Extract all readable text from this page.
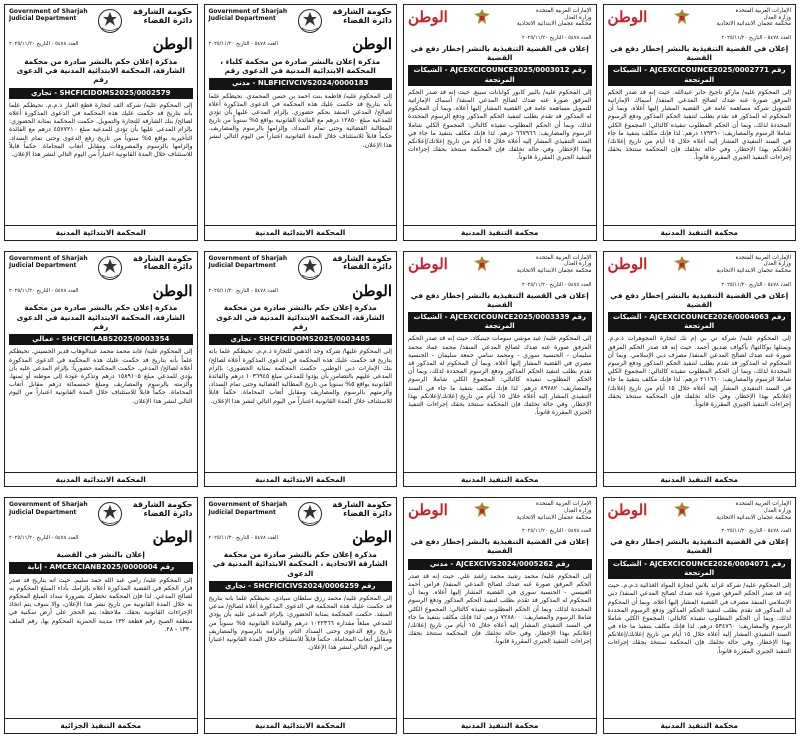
Government of Sharjah
Judicial Department
حكومة الشارقة
دائرة القضاء
الوطن
العدد ٥٤٧٨ - التاريخ ٢٠٢٥/١١/٢٠
مذكرة إعلان حكم بالنشر صادرة من محكمة الشارقة، المحكمة الابتدائية المدنية في الدعوى رقم
SHCFICIDOMS2025/0002579 - تجاري
إلى المحكوم عليه/ شركة ألف لتجارة قطع الغيار ذ.م.م. نحيطكم علماً بأنه بتاريخ قد حكمت عليك هذه المحكمة في الدعوى المذكورة أعلاه لصالح/ بنك الشارقة للتجارة والتمويل. حكمت المحكمة بمثابة الحضوري: بإلزام المدعى عليها بأن تؤدي للمدعية مبلغ ٤٥٧٧٢١٠ درهم مع الفائدة التأخيرية بواقع ٥% سنوياً من تاريخ رفع الدعوى وحتى تمام السداد، وإلزامها بالرسوم والمصروفات ومقابل أتعاب المحاماة. حكماً قابلاً للاستئناف خلال المدة القانونية اعتباراً من اليوم التالي لنشر هذا الإعلان.
المحكمة الابتدائية المدنية
Government of Sharjah
Judicial Department
حكومة الشارقة
دائرة القضاء
الوطن
العدد ٥٤٧٨ - التاريخ ٢٠٢٥/١١/٢٠
مذكرة إعلان بالنشر صادرة من محكمة كلباء ، المحكمة الابتدائية المدنية في الدعوى رقم
NLBFICIVCIVS2024/0000183 - مدني
إلى المحكوم عليه/ قاطمة بنت أحمد بن حسن المحمدي. نحيطكم علماً بأنه بتاريخ قد حكمت عليك هذه المحكمة في الدعوى المذكورة أعلاه لصالح/ المدعي المنفذ بحكم حضوري. بإلزام المدعى عليها بأن تؤدي للمدعية مبلغ ١٢٨٥٠ درهم مع الفائدة القانونية بواقع ٥% سنوياً من تاريخ المطالبة القضائية وحتى تمام السداد، وإلزامها بالرسوم والمصاريف. حكماً قابلاً للاستئناف خلال المدة القانونية اعتباراً من اليوم التالي لنشر هذا الإعلان.
المحكمة الابتدائية المدنية
الإمارات العربية المتحدة
وزارة العدل
محكمة عجمان الابتدائية الاتحادية
الوطن
العدد ٥٤٧٨ - التاريخ ٢٠٢٥/١١/٢٠
إعلان في القضية التنفيذية بالنشر إخطار دفع في القضية
رقم AJCEXCICOUNCE2025/0003012 - الشيكات المرتجعة
إلى المحكوم عليه/ بالبير كابور كوابانات سينغ. حيث إنه قد صدر الحكم المرفق صورة عنه ضدك لصالح المدعي المنفذ/ أسماك الإماراتية للتمويل مساهمة عامة في القضية المشار إليها أعلاه. وبما أن المحكوم له المذكور قد تقدم بطلب لتنفيذ الحكم المذكور ودفع الرسوم المحددة لذلك، وبما أن الحكم المطلوب تنفيذه كالتالي: المجموع الكلي شاملا الرسوم والمصاريف: ٦٦٧٩٦٦ درهم. لذا فإنك مكلف بتنفيذ ما جاء في السند التنفيذي المشار إليه أعلاه خلال ١٥ أيام من تاريخ إعلانك/إعلانكم بهذا الإخطار. وفي حالة تخلفك فإن المحكمة ستتخذ بحقك إجراءات التنفيذ الجبري المقررة قانوناً.
محكمة التنفيذ المدنية
الإمارات العربية المتحدة
وزارة العدل
محكمة عجمان الابتدائية الاتحادية
الوطن
العدد ٥٤٧٨ - التاريخ ٢٠٢٥/١١/٢٠
إعلان في القضية التنفيذية بالنشر إخطار دفع في القضية
رقم AJCEXCICOUNCE2025/0002771 - الشيكات المرتجعة
إلى المحكوم عليه/ ماركو تاجيخ جابر عبدالله. حيث إنه قد صدر الحكم المرفق صورة عنه ضدك لصالح المدعي المنفذ/ أسماك الإماراتية للتمويل شركة مساهمة عامة في القضية المشار إليها أعلاه. وبما أن المحكوم له المذكور قد تقدم بطلب لتنفيذ الحكم المذكور ودفع الرسوم المحددة لذلك، وبما أن الحكم المطلوب تنفيذه كالتالي: المجموع الكلي شاملا الرسوم والمصاريف: ١٧٩٣٦٠ درهم. لذا فإنك مكلف بتنفيذ ما جاء في السند التنفيذي المشار إليه أعلاه خلال ١٥ أيام من تاريخ إعلانك/إعلانكم بهذا الإخطار. وفي حالة تخلفك فإن المحكمة ستتخذ بحقك إجراءات التنفيذ الجبري المقررة قانوناً.
محكمة التنفيذ المدنية
Government of Sharjah
Judicial Department
حكومة الشارقة
دائرة القضاء
الوطن
العدد ٥٤٧٨ - التاريخ ٢٠٢٥/١١/٢٠
مذكرة إعلان حكم بالنشر صادرة من محكمة الشارقة، المحكمة الابتدائية المدنية في الدعوى رقم
SHCFICILABS2025/0003354 - عمالي
إلى المحكوم عليه/ عابد محمد محمد عبدالوهاب قدير الحسيني. نحيطكم علماً بأنه بتاريخ قد حكمت عليك هذه المحكمة في الدعوى المذكورة أعلاه لصالح/ المدعي. حكمت المحكمة حضورياً: بإلزام المدعى عليه بأن يؤدي للمدعي مبلغ ١٥٨٩١٠٥ درهم وتذكرة عودة إلى موطنه أو ثمنها، وألزمته بالرسوم والمصاريف ومبلغ خمسمائة درهم مقابل أتعاب المحاماة. حكماً قابلاً للاستئناف خلال المدة القانونية اعتباراً من اليوم التالي لنشر هذا الإعلان.
المحكمة الابتدائية المدنية
Government of Sharjah
Judicial Department
حكومة الشارقة
دائرة القضاء
الوطن
العدد ٥٤٧٨ - التاريخ ٢٠٢٥/١١/٢٠
مذكرة إعلان حكم بالنشر صادرة من محكمة الشارقة، المحكمة الابتدائية المدنية في الدعوى رقم
SHCFICIDOMS2025/0003485 - تجاري
إلى المحكوم عليها/ شركة وجد الذهبي للتجارة ذ.م.م. نحيطكم علماً بأنه بتاريخ قد حكمت عليك هذه المحكمة في الدعوى المذكورة أعلاه لصالح/ بنك الإمارات دبي الوطني. حكمت المحكمة بمثابة الحضوري: بإلزام المدعى عليهم بالتضامن بأن يؤدوا للمدعي مبلغ ١٠٣٦٩٤٥ درهم والفائدة القانونية بواقع ٥% سنوياً من تاريخ المطالبة القضائية وحتى تمام السداد، وألزمتهم بالرسوم والمصاريف ومقابل أتعاب المحاماة. حكماً قابلاً للاستئناف خلال المدة القانونية اعتباراً من اليوم التالي لنشر هذا الإعلان.
المحكمة الابتدائية المدنية
الإمارات العربية المتحدة
وزارة العدل
محكمة عجمان الابتدائية الاتحادية
الوطن
العدد ٥٤٧٨ - التاريخ ٢٠٢٥/١١/٢٠
إعلان في القضية التنفيذية بالنشر إخطار دفع في القضية
رقم AJCEXCICOUNCE2025/0003339 - الشيكات المرتجعة
إلى المحكوم عليه/ عيد موشي سومات جينيكاد. حيث إنه قد صدر الحكم المرفق صورة عنه ضدك لصالح المدعي المنفذ/ محمد عماد محمد سليمان - الجنسية سوري - ومحمد سامي جمعة سليمان - الجنسية مصري في القضية المشار إليها أعلاه. وبما أن المحكوم له المذكور قد تقدم بطلب لتنفيذ الحكم المذكور ودفع الرسوم المحددة لذلك، وبما أن الحكم المطلوب تنفيذه كالتالي: المجموع الكلي شاملا الرسوم والمصاريف: ٨٩٧٨٢ درهم. لذا فإنك مكلف بتنفيذ ما جاء في السند التنفيذي المشار إليه أعلاه خلال ١٥ أيام من تاريخ إعلانك/إعلانكم بهذا الإخطار. وفي حالة تخلفك فإن المحكمة ستتخذ بحقك إجراءات التنفيذ الجبري المقررة قانوناً.
محكمة التنفيذ المدنية
الإمارات العربية المتحدة
وزارة العدل
محكمة عجمان الابتدائية الاتحادية
الوطن
العدد ٥٤٧٨ - التاريخ ٢٠٢٥/١١/٢٠
إعلان في القضية التنفيذية بالنشر إخطار دفع في القضية
رقم AJCEXCICOUNCE2026/0004063 - الشيكات المرتجعة
إلى المحكوم عليه/ شركة تي بي إم تك لتجارة المجوهرات ذ.م.م. ويمثلها بوكالتها/ بأكواف صديق أحمد. حيث إنه قد صدر الحكم المرفق صورة عنه ضدك لصالح المدعي المنفذ/ مصرف دبي الإسلامي. وبما أن المحكوم له المذكور قد تقدم بطلب لتنفيذ الحكم المذكور ودفع الرسوم المحددة لذلك، وبما أن الحكم المطلوب تنفيذه كالتالي: المجموع الكلي شاملا الرسوم والمصاريف: ٢١١٦١٠ درهم. لذا فإنك مكلف بتنفيذ ما جاء في السند التنفيذي المشار إليه أعلاه خلال ١٥ أيام من تاريخ إعلانك/إعلانكم بهذا الإخطار. وفي حالة تخلفك فإن المحكمة ستتخذ بحقك إجراءات التنفيذ الجبري المقررة قانوناً.
محكمة التنفيذ المدنية
Government of Sharjah
Judicial Department
حكومة الشارقة
دائرة القضاء
الوطن
العدد ٥٤٧٨ - التاريخ ٢٠٢٥/١١/٢٠
إعلان بالنشر في القضية
رقم AMCEXCIANB2025/0000004 - إنابة
إلى المحكوم عليه/ رامي عبد الله حمد سليم. حيث أنه بتاريخ قد صدر قرار الحكم في القضية المذكورة أعلاه بإلزامك بأداء المبلغ المحكوم به لصالح المدعي. لذا فإن المحكمة تخطرك بضرورة سداد المبلغ المحكوم به خلال المدة القانونية من تاريخ نشر هذا الإعلان، وإلا سوف يتم اتخاذ الإجراءات القانونية بحقك. ملاحظة: يتم الحجز على أرض سكنية في منطقة الصبح رقم قطعة ١٣٢ مدينة الحمرية المحكوم بها، رقم الملف ١٣٣٠ - ٢٨.
محكمة التنفيذ الجزائية
Government of Sharjah
Judicial Department
حكومة الشارقة
دائرة القضاء
الوطن
العدد ٥٤٧٨ - التاريخ ٢٠٢٥/١١/٢٠
مذكرة إعلان حكم بالنشر صادرة من محكمة الشارقة الاتحادية ، المحكمة الابتدائية المدنية في الدعوى
رقم SHCFICICIVS2024/0006259 - تجاري
إلى المحكوم عليه/ محمد رزق سلطان سيادي. نحيطكم علماً بأنه بتاريخ قد حكمت عليك هذه المحكمة في الدعوى المذكورة أعلاه لصالح/ مدعي المنفذ. حكمت المحكمة بمثابة الحضوري: بإلزام المدعى عليه بأن يؤدي للمدعي مبلغاً مقداره ١٠٢٢٣٦٦ درهم والفائدة القانونية ٥% سنوياً من تاريخ رفع الدعوى وحتى السداد التام، وإلزامه بالرسوم والمصاريف ومقابل أتعاب المحاماة. حكماً قابلاً للاستئناف خلال المدة القانونية اعتباراً من اليوم التالي لنشر هذا الإعلان.
المحكمة الابتدائية المدنية
الإمارات العربية المتحدة
وزارة العدل
محكمة عجمان الابتدائية الاتحادية
الوطن
العدد ٥٤٧٨ - التاريخ ٢٠٢٥/١١/٢٠
إعلان في القضية التنفيذية بالنشر إخطار دفع في القضية
رقم AJCEXCIVS2024/0005262 - مدني
إلى المحكوم عليه/ محمد رشيد محمد راشد علي. حيث إنه قد صدر الحكم المرفق صورة عنه ضدك لصالح المدعي المنفذ/ فراس أحمد العبيسي - الجنسية سوري في القضية المشار إليها أعلاه. وبما أن المحكوم له المذكور قد تقدم بطلب لتنفيذ الحكم المذكور ودفع الرسوم المحددة لذلك، وبما أن الحكم المطلوب تنفيذه كالتالي: المجموع الكلي شاملا الرسوم والمصاريف: ٧٢٨٨٠٠ درهم. لذا فإنك مكلف بتنفيذ ما جاء في السند التنفيذي المشار إليه أعلاه خلال ١٥ أيام من تاريخ إعلانك/إعلانكم بهذا الإخطار. وفي حالة تخلفك فإن المحكمة ستتخذ بحقك إجراءات التنفيذ الجبري المقررة قانوناً.
محكمة التنفيذ المدنية
الإمارات العربية المتحدة
وزارة العدل
محكمة عجمان الابتدائية الاتحادية
الوطن
العدد ٥٤٧٨ - التاريخ ٢٠٢٥/١١/٢٠
إعلان في القضية التنفيذية بالنشر إخطار دفع في القضية
رقم AJCEXCICOUNCE2026/0004071 - الشيكات المرتجعة
إلى المحكوم عليه/ شركة غراند بلاس لتجارة المواد الغذائية ذ.م.م. حيث إنه قد صدر الحكم المرفق صورة عنه ضدك لصالح المدعي المنفذ/ دبي الإسلامي المنفذ مصرف في القضية المشار إليها أعلاه. وبما أن المحكوم له المذكور قد تقدم بطلب لتنفيذ الحكم المذكور ودفع الرسوم المحددة لذلك، وبما أن الحكم المطلوب تنفيذه كالتالي: المجموع الكلي شاملا الرسوم والمصاريف: ٥٣٤٧٦٠ درهم. لذا فإنك مكلف بتنفيذ ما جاء في السند التنفيذي المشار إليه أعلاه خلال ١٥ أيام من تاريخ إعلانك/إعلانكم بهذا الإخطار. وفي حالة تخلفك فإن المحكمة ستتخذ بحقك إجراءات التنفيذ الجبري المقررة قانوناً.
محكمة التنفيذ المدنية
